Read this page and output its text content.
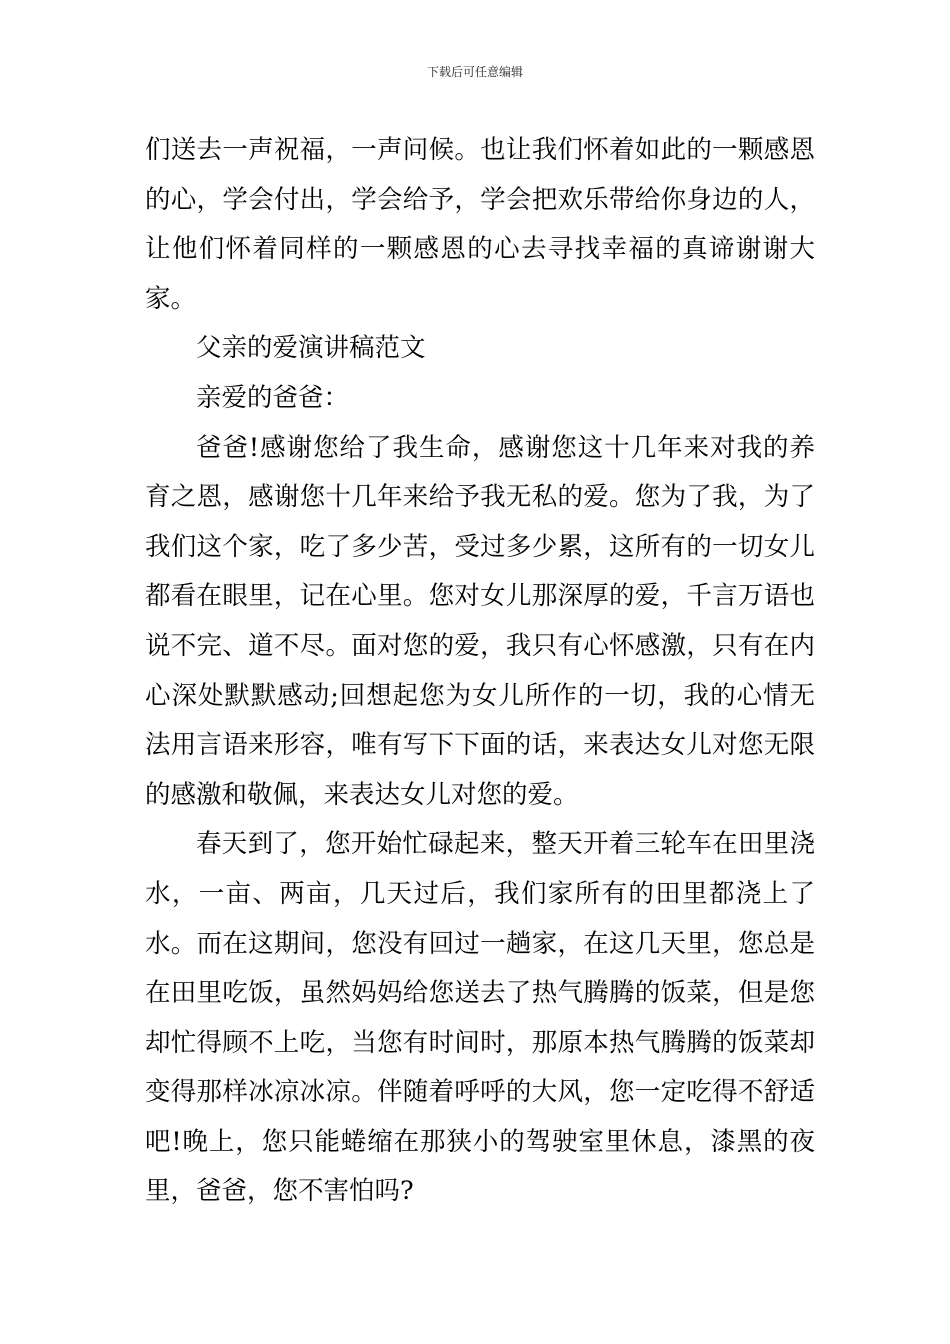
下载后可任意编辑

们送去一声祝福，一声问候。也让我们怀着如此的一颗感恩的心，学会付出，学会给予，学会把欢乐带给你身边的人，让他们怀着同样的一颗感恩的心去寻找幸福的真谛谢谢大家。

父亲的爱演讲稿范文

亲爱的爸爸：

爸爸!感谢您给了我生命，感谢您这十几年来对我的养育之恩，感谢您十几年来给予我无私的爱。您为了我，为了我们这个家，吃了多少苦，受过多少累，这所有的一切女儿都看在眼里，记在心里。您对女儿那深厚的爱，千言万语也说不完、道不尽。面对您的爱，我只有心怀感激，只有在内心深处默默感动;回想起您为女儿所作的一切，我的心情无法用言语来形容，唯有写下下面的话，来表达女儿对您无限的感激和敬佩，来表达女儿对您的爱。

春天到了，您开始忙碌起来，整天开着三轮车在田里浇水，一亩、两亩，几天过后，我们家所有的田里都浇上了水。而在这期间，您没有回过一趟家，在这几天里，您总是在田里吃饭，虽然妈妈给您送去了热气腾腾的饭菜，但是您却忙得顾不上吃，当您有时间时，那原本热气腾腾的饭菜却变得那样冰凉冰凉。伴随着呼呼的大风，您一定吃得不舒适吧!晚上，您只能蜷缩在那狭小的驾驶室里休息，漆黑的夜里，爸爸，您不害怕吗?
